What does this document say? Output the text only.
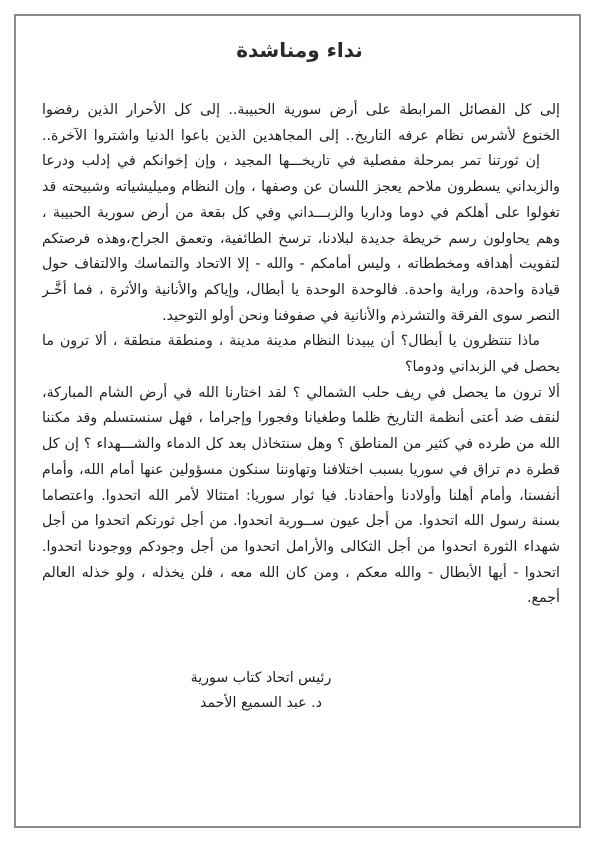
نداء ومناشدة
إلى كل الفصائل المرابطة على أرض سورية الحبيبة.. إلى كل الأحرار الذين رفضوا
الخنوع لأشرس نظام عرفه التاريخ.. إلى المجاهدين الذين باعوا الدنيا واشتروا الآخرة..
إن ثورتنا تمر بمرحلة مفصلية في تاريخـــها المجيد ، وإن إخوانكم في إدلب ودرعا
والزبداني يسطرون ملاحم يعجز اللسان عن وصفها ، وإن النظام وميليشياته وشبيحته قد
تغولوا على أهلكم في دوما وداريا والزبـــداني وفي كل بقعة من أرض سورية الحبيبة ،
وهم يحاولون رسم خريطة جديدة لبلادنا، ترسخ الطائفية، وتعمق الجراح،وهذه فرصتكم
لتفويت أهدافه ومخططاته ، وليس أمامكم - والله - إلا الاتحاد والتماسك والالتفاف حول
قيادة واحدة، وراية واحدة. فالوحدة الوحدة يا أبطال، وإياكم والأنانية والأثرة ، فما أخَّـر
النصر سوى الفرقة والتشرذم والأنانية في صفوفنا ونحن أولو التوحيد.
ماذا تنتظرون يا أبطال؟ أن يبيدنا النظام مدينة مدينة ، ومنطقة منطقة ، ألا ترون ما
يحصل في الزبداني ودوما؟
ألا ترون ما يحصل في ريف حلب الشمالي ؟ لقد اختارنا الله في أرض الشام المباركة،
لنقف ضد أعتى أنظمة التاريخ ظلما وطغيانا وفجورا وإجراما ، فهل سنستسلم وقد مكننا
الله من طرده في كثير من المناطق ؟ وهل سنتخاذل بعد كل الدماء والشـــهداء ؟ إن كل
قطرة دم تراق في سوريا بسبب اختلافنا وتهاوننا سنكون مسؤولين عنها أمام الله، وأمام
أنفسنا، وأمام أهلنا وأولادنا وأحفادنا. فيا ثوار سوريا: امتثالا لأمر الله اتحدوا. واعتصاما
بسنة رسول الله اتحدوا. من أجل عيون ســورية اتحدوا. من أجل ثورتكم اتحدوا من أجل
شهداء الثورة اتحدوا من أجل الثكالى والأرامل اتحدوا من أجل وجودكم ووجودنا اتحدوا.
اتحدوا - أيها الأبطال - والله معكم ، ومن كان الله معه ، فلن يخذله ، ولو خذله العالم
أجمع.
رئيس اتحاد كتاب سورية
د. عبد السميع الأحمد
